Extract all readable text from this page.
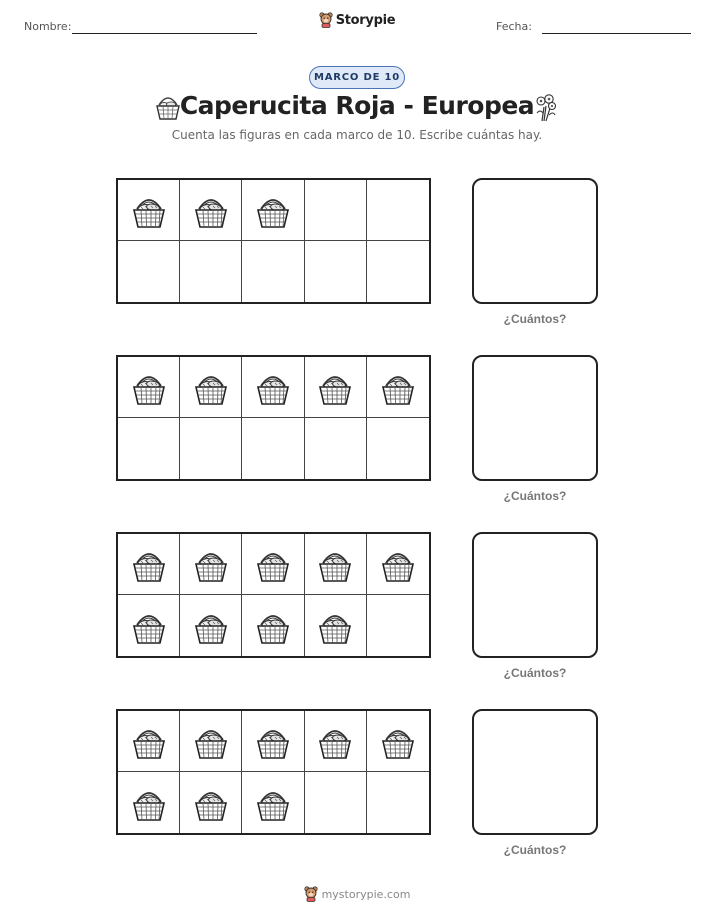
Nombre:	Storypie	Fecha:
MARCO DE 10
Caperucita Roja - Europea
Cuenta las figuras en cada marco de 10. Escribe cuántas hay.
¿Cuántos?
¿Cuántos?
¿Cuántos?
¿Cuántos?
mystorypie.com
